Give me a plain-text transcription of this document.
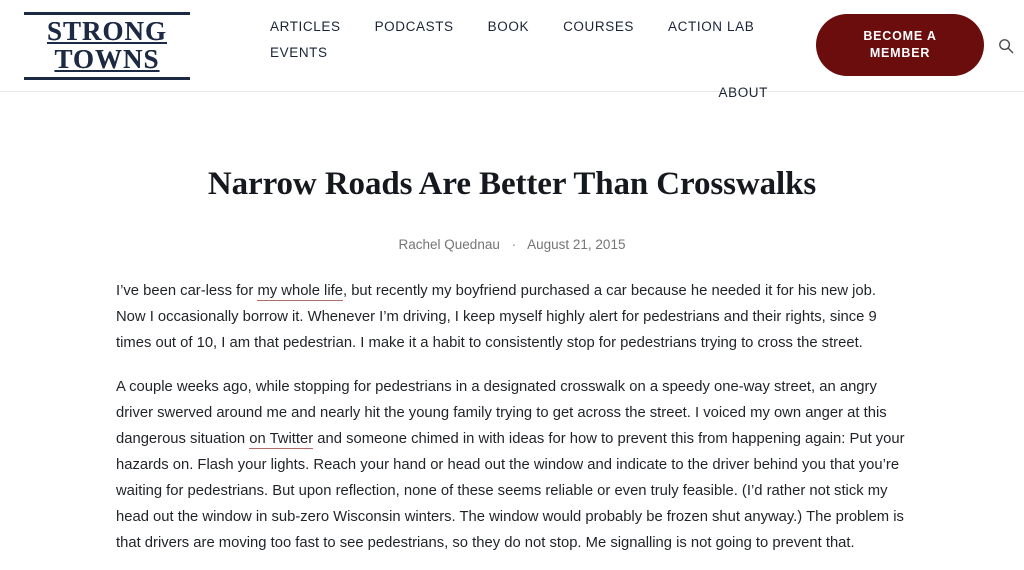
STRONG
TOWNS
ARTICLES	PODCASTS	BOOK	COURSES	ACTION LAB
EVENTS
ABOUT
BECOME A MEMBER
Narrow Roads Are Better Than Crosswalks
Rachel Quednau · August 21, 2015

I’ve been car-less for my whole life, but recently my boyfriend purchased a car because he needed it for his new job. Now I occasionally borrow it. Whenever I’m driving, I keep myself highly alert for pedestrians and their rights, since 9 times out of 10, I am that pedestrian. I make it a habit to consistently stop for pedestrians trying to cross the street.

A couple weeks ago, while stopping for pedestrians in a designated crosswalk on a speedy one-way street, an angry driver swerved around me and nearly hit the young family trying to get across the street. I voiced my own anger at this dangerous situation on Twitter and someone chimed in with ideas for how to prevent this from happening again: Put your hazards on. Flash your lights. Reach your hand or head out the window and indicate to the driver behind you that you’re waiting for pedestrians. But upon reflection, none of these seems reliable or even truly feasible. (I’d rather not stick my head out the window in sub-zero Wisconsin winters. The window would probably be frozen shut anyway.) The problem is that drivers are moving too fast to see pedestrians, so they do not stop. Me signalling is not going to prevent that.
